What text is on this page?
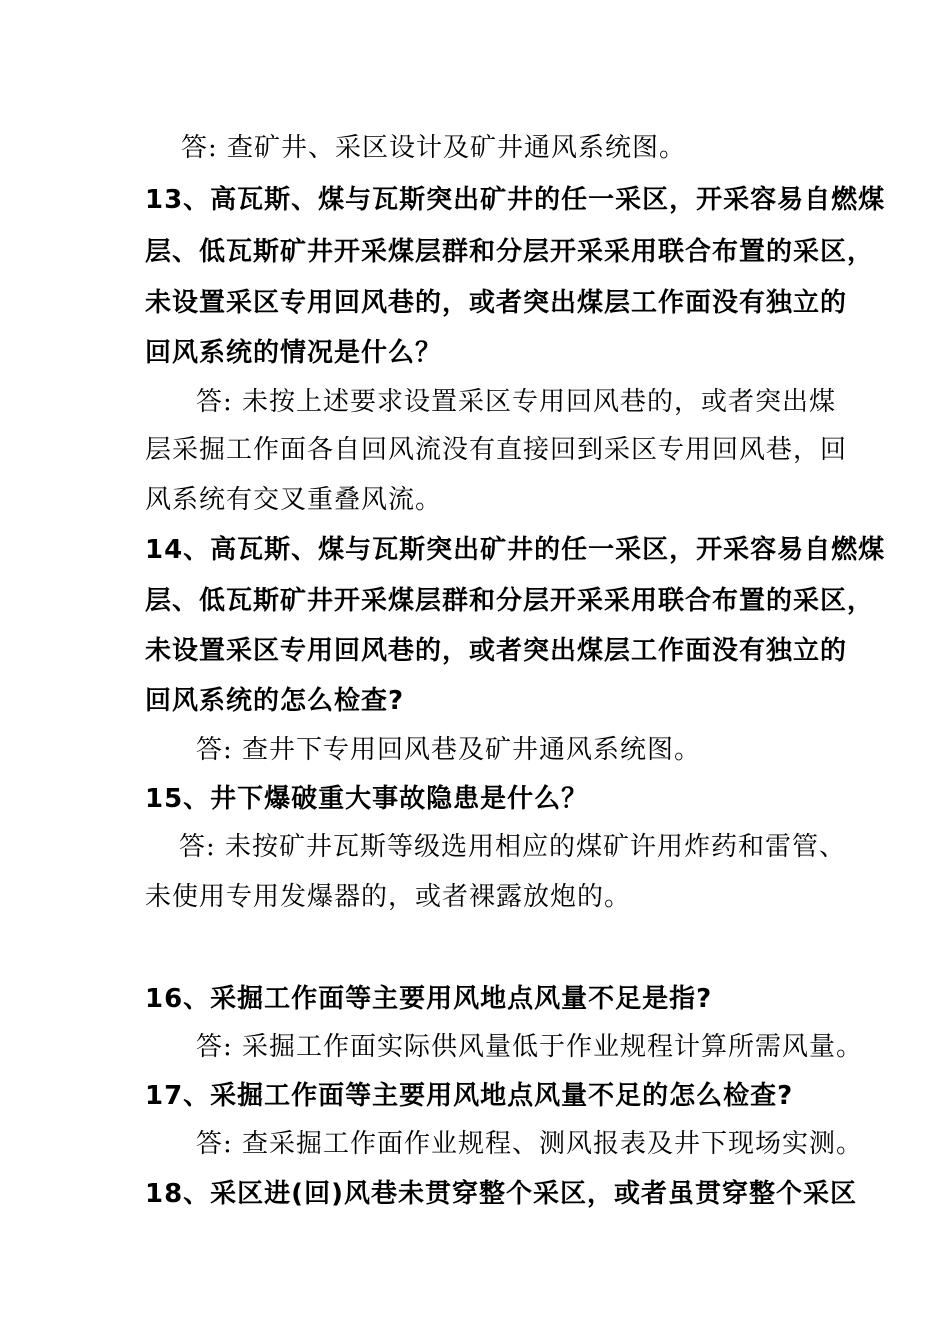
答: 查矿井、采区设计及矿井通风系统图。
13、高瓦斯、煤与瓦斯突出矿井的任一采区，开采容易自燃煤
层、低瓦斯矿井开采煤层群和分层开采采用联合布置的采区，
未设置采区专用回风巷的，或者突出煤层工作面没有独立的
回风系统的情况是什么？
答: 未按上述要求设置采区专用回风巷的，或者突出煤
层采掘工作面各自回风流没有直接回到采区专用回风巷，回
风系统有交叉重叠风流。
14、高瓦斯、煤与瓦斯突出矿井的任一采区，开采容易自燃煤
层、低瓦斯矿井开采煤层群和分层开采采用联合布置的采区，
未设置采区专用回风巷的，或者突出煤层工作面没有独立的
回风系统的怎么检查?
答: 查井下专用回风巷及矿井通风系统图。
15、井下爆破重大事故隐患是什么？
答: 未按矿井瓦斯等级选用相应的煤矿许用炸药和雷管、
未使用专用发爆器的，或者裸露放炮的。
16、采掘工作面等主要用风地点风量不足是指?
答: 采掘工作面实际供风量低于作业规程计算所需风量。
17、采掘工作面等主要用风地点风量不足的怎么检查?
答: 查采掘工作面作业规程、测风报表及井下现场实测。
18、采区进(回)风巷未贯穿整个采区，或者虽贯穿整个采区
